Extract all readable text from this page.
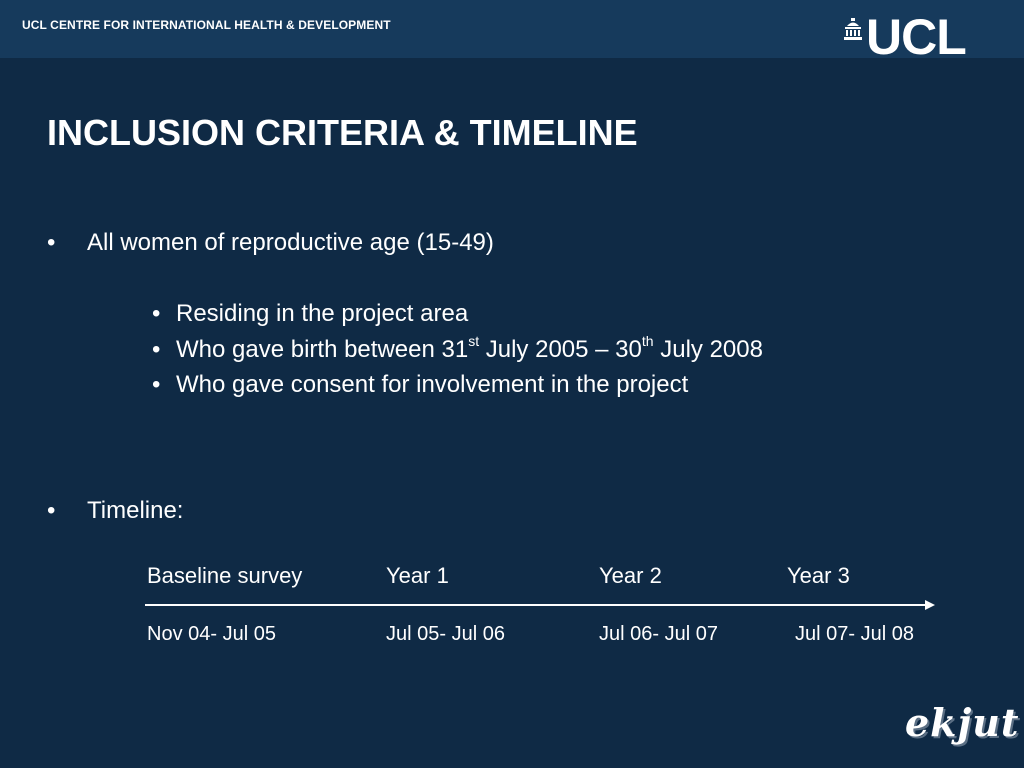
UCL CENTRE FOR INTERNATIONAL HEALTH & DEVELOPMENT	UCL
INCLUSION CRITERIA & TIMELINE
• All women of reproductive age (15-49)
• Residing in the project area
• Who gave birth between 31st July 2005 – 30th July 2008
• Who gave consent for involvement in the project
• Timeline:
Baseline survey	Year 1	Year 2	Year 3
Nov 04- Jul 05	Jul 05- Jul 06	Jul 06- Jul 07	Jul 07- Jul 08
ekjut
